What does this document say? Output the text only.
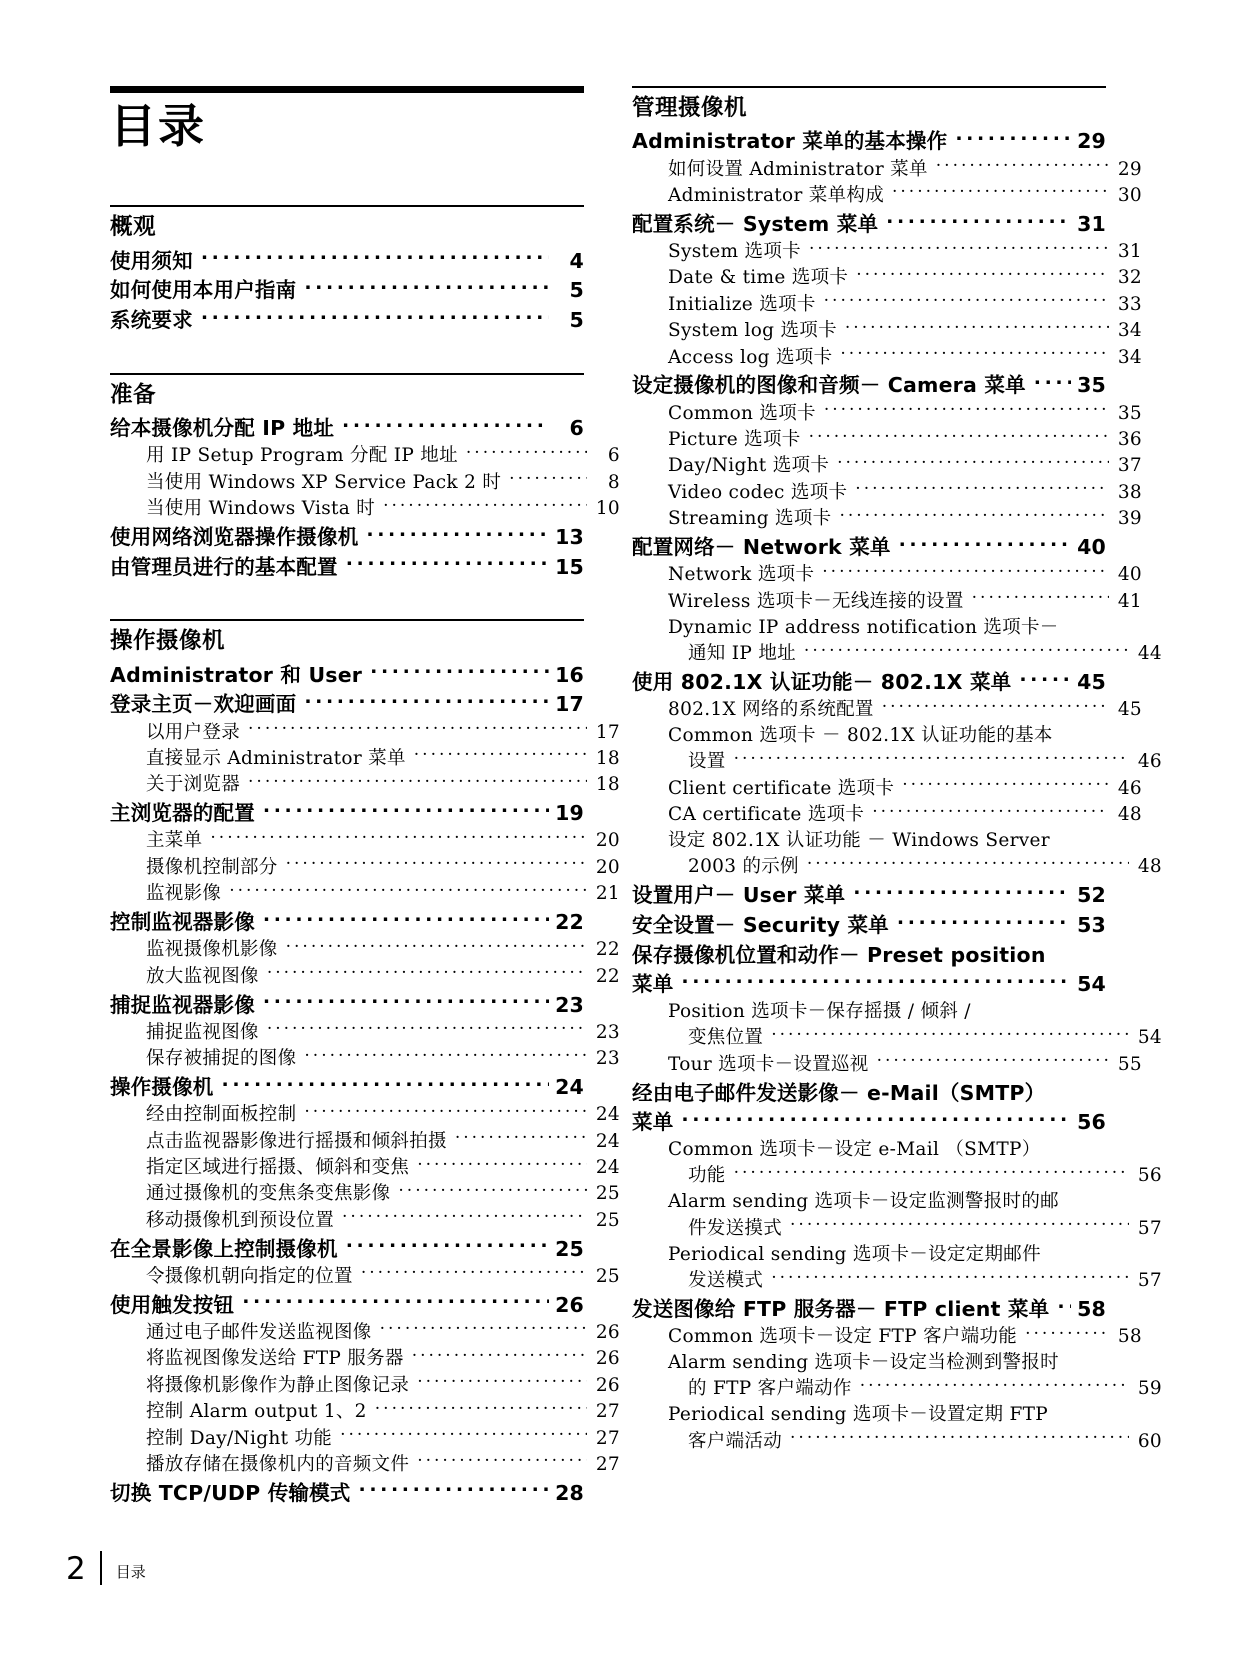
目录
概观
使用须知 .....	4
如何使用本用户指南 .....	5
系统要求 .....	5
准备
给本摄像机分配 IP 地址 .....	6
用 IP Setup Program 分配 IP 地址 .....	6
当使用 Windows XP Service Pack 2 时 .....	8
当使用 Windows Vista 时 .....	10
使用网络浏览器操作摄像机 .....	13
由管理员进行的基本配置 .....	15
操作摄像机
Administrator 和 User .....	16
登录主页－欢迎画面 .....	17
以用户登录 .....	17
直接显示 Administrator 菜单 .....	18
关于浏览器 .....	18
主浏览器的配置 .....	19
主菜单 .....	20
摄像机控制部分 .....	20
监视影像 .....	21
控制监视器影像 .....	22
监视摄像机影像 .....	22
放大监视图像 .....	22
捕捉监视器影像 .....	23
捕捉监视图像 .....	23
保存被捕捉的图像 .....	23
操作摄像机 .....	24
经由控制面板控制 .....	24
点击监视器影像进行摇摄和倾斜拍摄 .....	24
指定区域进行摇摄、倾斜和变焦 .....	24
通过摄像机的变焦条变焦影像 .....	25
移动摄像机到预设位置 .....	25
在全景影像上控制摄像机 .....	25
令摄像机朝向指定的位置 .....	25
使用触发按钮 .....	26
通过电子邮件发送监视图像 .....	26
将监视图像发送给 FTP 服务器 .....	26
将摄像机影像作为静止图像记录 .....	26
控制 Alarm output 1、2 .....	27
控制 Day/Night 功能 .....	27
播放存储在摄像机内的音频文件 .....	27
切换 TCP/UDP 传输模式 .....	28
管理摄像机
Administrator 菜单的基本操作 .....	29
如何设置 Administrator 菜单 .....	29
Administrator 菜单构成 .....	30
配置系统－ System 菜单 .....	31
System 选项卡 .....	31
Date & time 选项卡 .....	32
Initialize 选项卡 .....	33
System log 选项卡 .....	34
Access log 选项卡 .....	34
设定摄像机的图像和音频－ Camera 菜单 .....	35
Common 选项卡 .....	35
Picture 选项卡 .....	36
Day/Night 选项卡 .....	37
Video codec 选项卡 .....	38
Streaming 选项卡 .....	39
配置网络－ Network 菜单 .....	40
Network 选项卡 .....	40
Wireless 选项卡－无线连接的设置 .....	41
Dynamic IP address notification 选项卡－
通知 IP 地址 .....	44
使用 802.1X 认证功能－ 802.1X 菜单 .....	45
802.1X 网络的系统配置 .....	45
Common 选项卡 － 802.1X 认证功能的基本
设置 .....	46
Client certificate 选项卡 .....	46
CA certificate 选项卡 .....	48
设定 802.1X 认证功能 － Windows Server
2003 的示例 .....	48
设置用户－ User 菜单 .....	52
安全设置－ Security 菜单 .....	53
保存摄像机位置和动作－ Preset position
菜单 .....	54
Position 选项卡－保存摇摄 / 倾斜 /
变焦位置 .....	54
Tour 选项卡－设置巡视 .....	55
经由电子邮件发送影像－ e-Mail（SMTP）
菜单 .....	56
Common 选项卡－设定 e-Mail （SMTP）
功能 .....	56
Alarm sending 选项卡－设定监测警报时的邮
件发送摸式 .....	57
Periodical sending 选项卡－设定定期邮件
发送模式 .....	57
发送图像给 FTP 服务器－ FTP client 菜单 ..... 58
Common 选项卡－设定 FTP 客户端功能 .....	58
Alarm sending 选项卡－设定当检测到警报时
的 FTP 客户端动作 .....	59
Periodical sending 选项卡－设置定期 FTP
客户端活动 .....	60
2	目录
